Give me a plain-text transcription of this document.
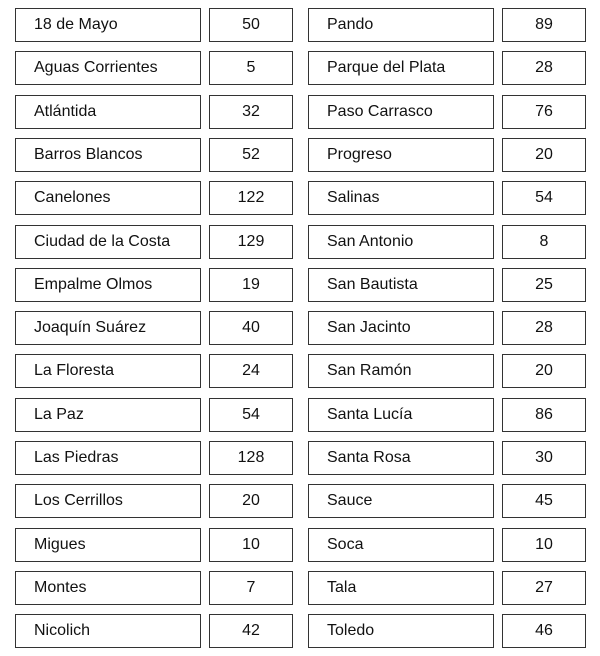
18 de Mayo	50
Aguas Corrientes	5
Atlántida	32
Barros Blancos	52
Canelones	122
Ciudad de la Costa	129
Empalme Olmos	19
Joaquín Suárez	40
La Floresta	24
La Paz	54
Las Piedras	128
Los Cerrillos	20
Migues	10
Montes	7
Nicolich	42
Pando	89
Parque del Plata	28
Paso Carrasco	76
Progreso	20
Salinas	54
San Antonio	8
San Bautista	25
San Jacinto	28
San Ramón	20
Santa Lucía	86
Santa Rosa	30
Sauce	45
Soca	10
Tala	27
Toledo	46
